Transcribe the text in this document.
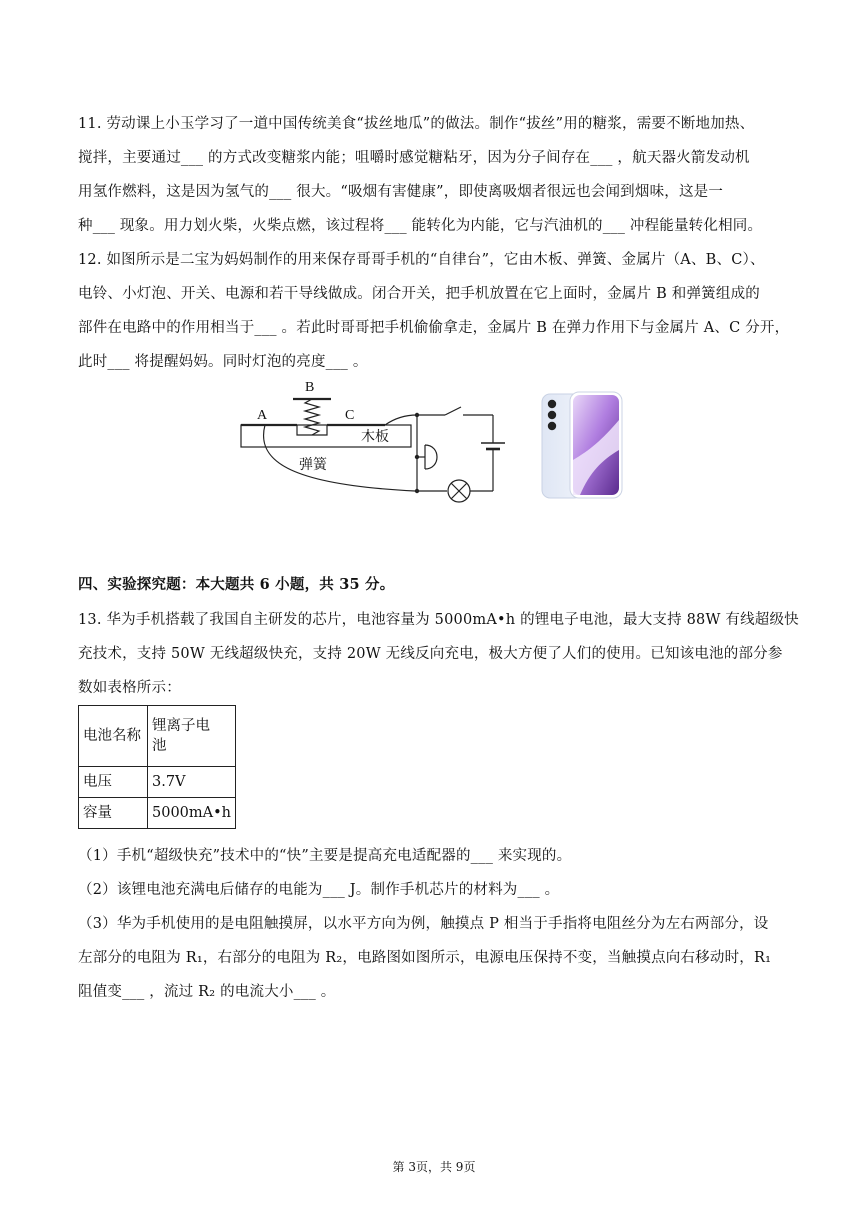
11. 劳动课上小玉学习了一道中国传统美食“拔丝地瓜”的做法。制作“拔丝”用的糖浆，需要不断地加热、
搅拌，主要通过___ 的方式改变糖浆内能；咀嚼时感觉糖粘牙，因为分子间存在___ ，航天器火箭发动机
用氢作燃料，这是因为氢气的___ 很大。“吸烟有害健康”，即使离吸烟者很远也会闻到烟味，这是一
种___ 现象。用力划火柴，火柴点燃，该过程将___ 能转化为内能，它与汽油机的___ 冲程能量转化相同。
12. 如图所示是二宝为妈妈制作的用来保存哥哥手机的“自律台”，它由木板、弹簧、金属片（A、B、C）、
电铃、小灯泡、开关、电源和若干导线做成。闭合开关，把手机放置在它上面时，金属片 B 和弹簧组成的
部件在电路中的作用相当于___ 。若此时哥哥把手机偷偷拿走，金属片 B 在弹力作用下与金属片 A、C 分开，
此时___ 将提醒妈妈。同时灯泡的亮度___ 。
A
B
C
木板
弹簧
四、实验探究题：本大题共 6 小题，共 35 分。
13. 华为手机搭载了我国自主研发的芯片，电池容量为 5000mA•h 的锂电子电池，最大支持 88W 有线超级快
充技术，支持 50W 无线超级快充，支持 20W 无线反向充电，极大方便了人们的使用。已知该电池的部分参
数如表格所示：
电池名称	锂离子电
池
电压	3.7V
容量	5000mA•h
（1）手机“超级快充”技术中的“快”主要是提高充电适配器的___ 来实现的。
（2）该锂电池充满电后储存的电能为___ J。制作手机芯片的材料为___ 。
（3）华为手机使用的是电阻触摸屏，以水平方向为例，触摸点 P 相当于手指将电阻丝分为左右两部分，设
左部分的电阻为 R₁，右部分的电阻为 R₂，电路图如图所示，电源电压保持不变，当触摸点向右移动时，R₁
阻值变___ ，流过 R₂ 的电流大小___ 。
第 3页，共 9页
